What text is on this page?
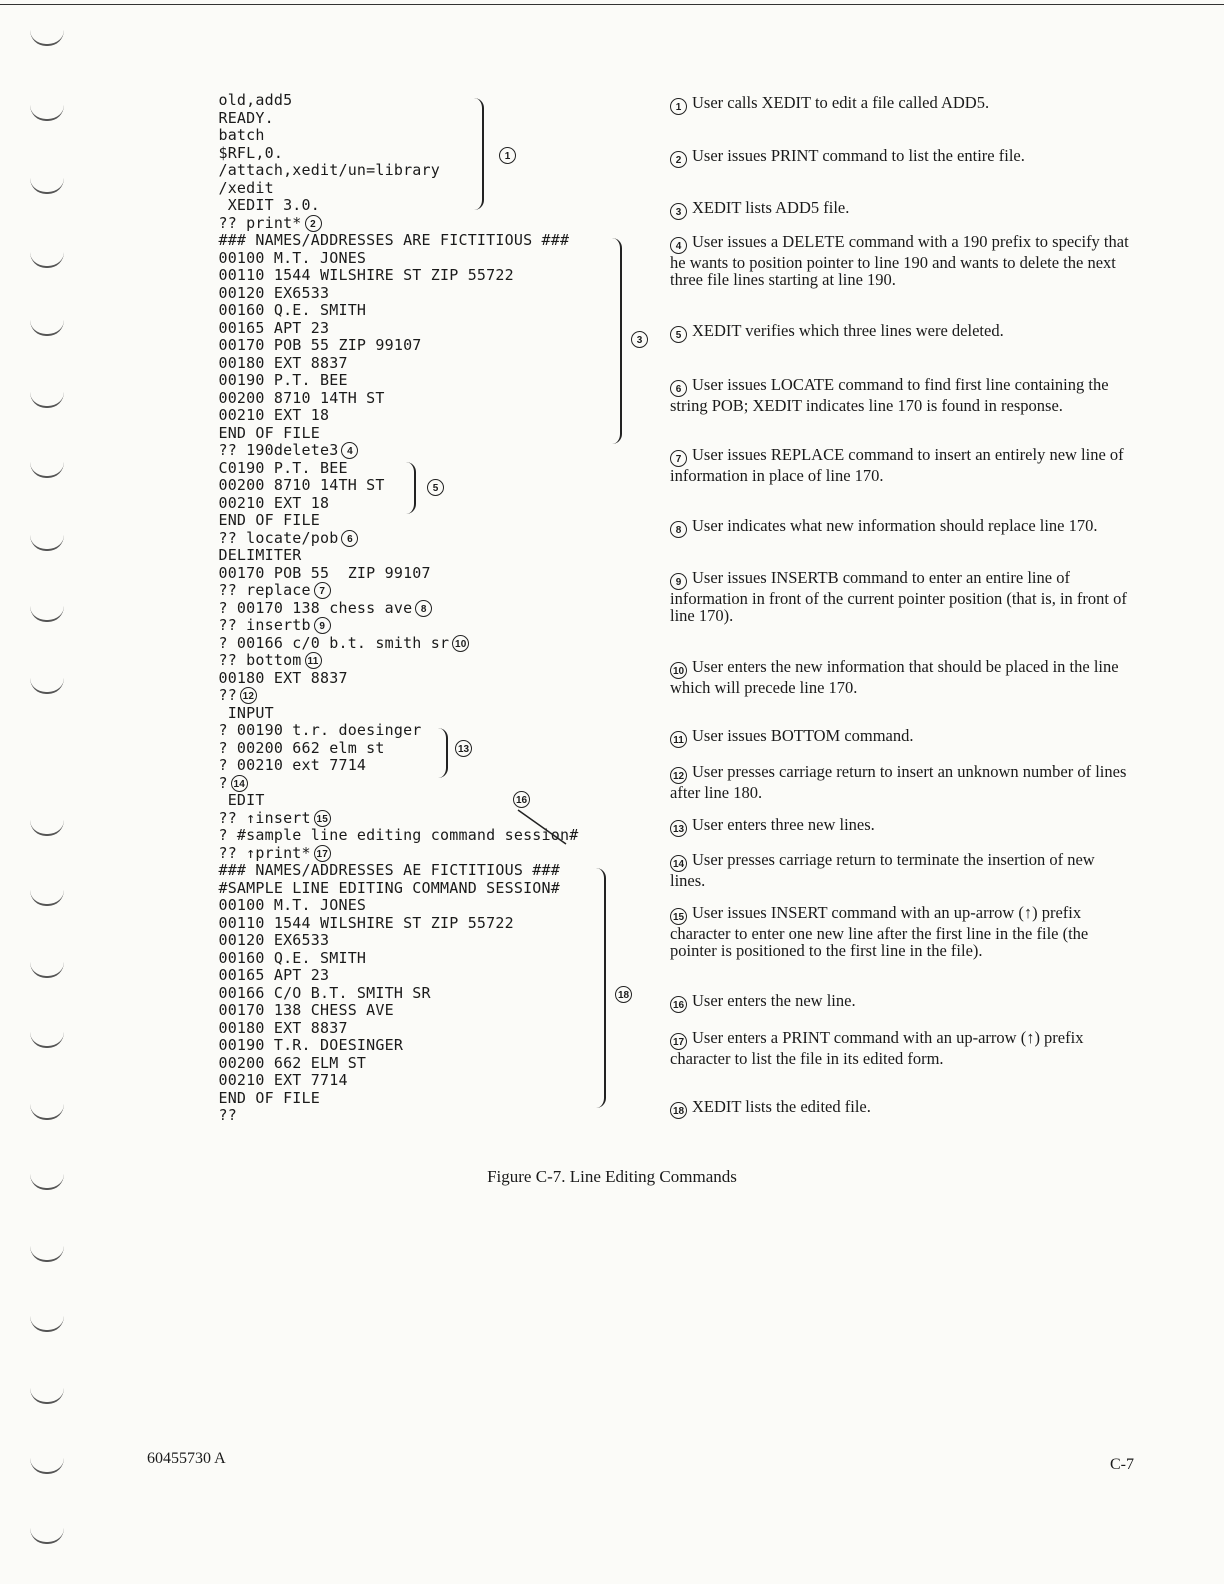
old,add5
READY.
batch
$RFL,0.
/attach,xedit/un=library
/xedit
XEDIT 3.0.
?? print* 2
### NAMES/ADDRESSES ARE FICTITIOUS ###
00100 M.T. JONES
00110 1544 WILSHIRE ST ZIP 55722
00120 EX6533
00160 Q.E. SMITH
00165 APT 23
00170 POB 55 ZIP 99107
00180 EXT 8837
00190 P.T. BEE
00200 8710 14TH ST
00210 EXT 18
END OF FILE
?? 190delete3 4
C0190 P.T. BEE
00200 8710 14TH ST
00210 EXT 18
END OF FILE
?? locate/pob 6
DELIMITER
00170 POB 55  ZIP 99107
?? replace 7
? 00170 138 chess ave 8
?? insertb 9
? 00166 c/0 b.t. smith sr 10
?? bottom 11
00180 EXT 8837
?? 12
INPUT
? 00190 t.r. doesinger
? 00200 662 elm st
? 00210 ext 7714
? 14
EDIT
?? ↑insert 15
? #sample line editing command session#
?? ↑print* 17
### NAMES/ADDRESSES AE FICTITIOUS ###
#SAMPLE LINE EDITING COMMAND SESSION#
00100 M.T. JONES
00110 1544 WILSHIRE ST ZIP 55722
00120 EX6533
00160 Q.E. SMITH
00165 APT 23
00166 C/O B.T. SMITH SR
00170 138 CHESS AVE
00180 EXT 8837
00190 T.R. DOESINGER
00200 662 ELM ST
00210 EXT 7714
END OF FILE
??
1
3
5
13
16
18
1 User calls XEDIT to edit a file called ADD5.
2 User issues PRINT command to list the entire file.
3 XEDIT lists ADD5 file.
4 User issues a DELETE command with a 190 prefix to specify that he wants to position pointer to line 190 and wants to delete the next three file lines starting at line 190.
5 XEDIT verifies which three lines were deleted.
6 User issues LOCATE command to find first line containing the string POB; XEDIT indicates line 170 is found in response.
7 User issues REPLACE command to insert an entirely new line of information in place of line 170.
8 User indicates what new information should replace line 170.
9 User issues INSERTB command to enter an entire line of information in front of the current pointer position (that is, in front of line 170).
10 User enters the new information that should be placed in the line which will precede line 170.
11 User issues BOTTOM command.
12 User presses carriage return to insert an unknown number of lines after line 180.
13 User enters three new lines.
14 User presses carriage return to terminate the insertion of new lines.
15 User issues INSERT command with an up-arrow (↑) prefix character to enter one new line after the first line in the file (the pointer is positioned to the first line in the file).
16 User enters the new line.
17 User enters a PRINT command with an up-arrow (↑) prefix character to list the file in its edited form.
18 XEDIT lists the edited file.
Figure C-7. Line Editing Commands
60455730 A	C-7
